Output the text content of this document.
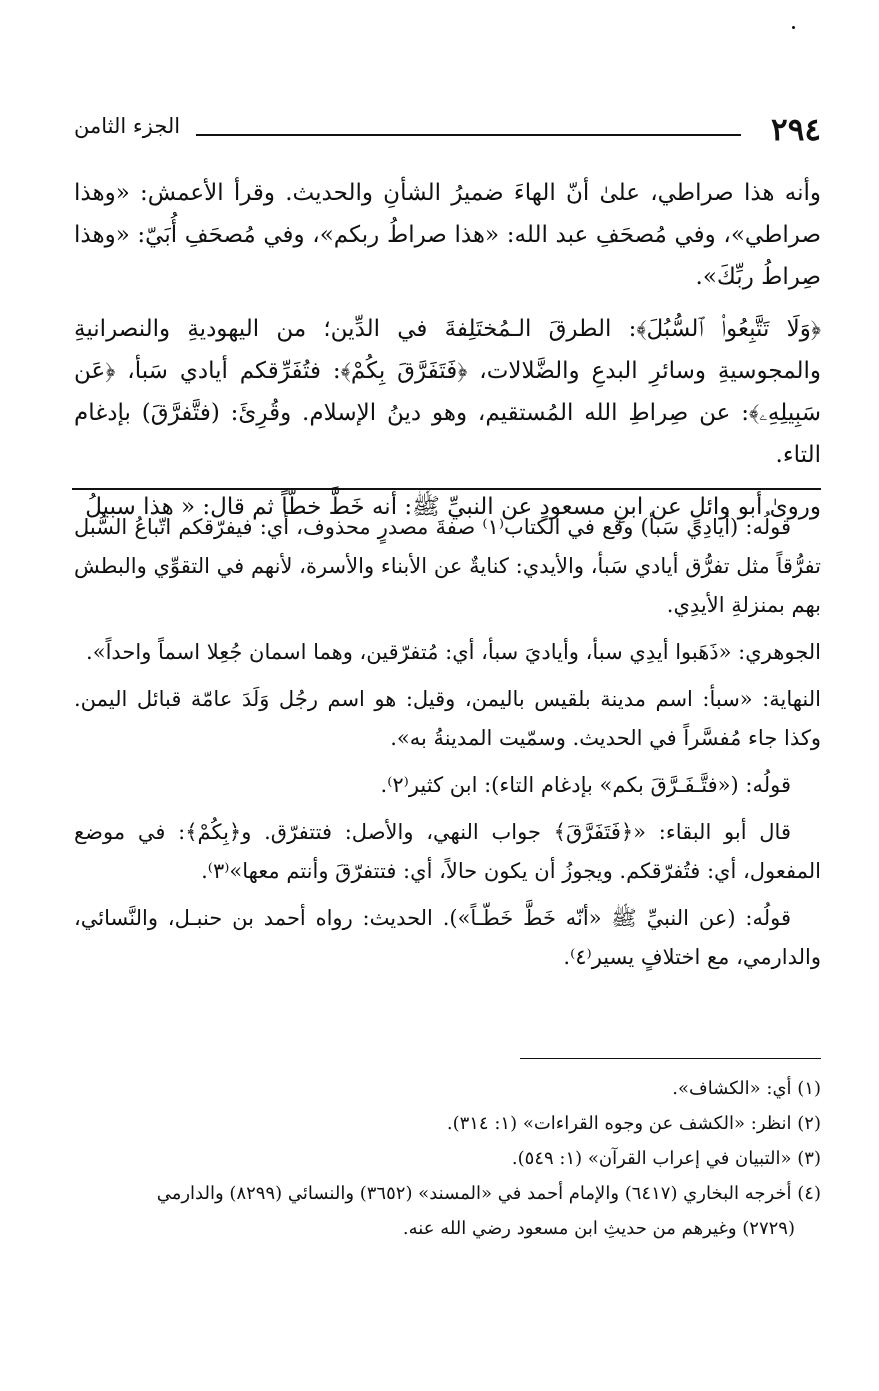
٢٩٤
الجزء الثامن

وأنه هذا صراطي، علىٰ أنّ الهاءَ ضميرُ الشأنِ والحديث. وقرأ الأعمش: «وهذا صراطي»، وفي مُصحَفِ عبد الله: «هذا صراطُ ربكم»، وفي مُصحَفِ أُبَيّ: «وهذا صِراطُ ربِّكَ».

﴿وَلَا تَتَّبِعُوا۟ ٱلسُّبُلَ﴾: الطرقَ الـمُختَلِفةَ في الدِّين؛ من اليهوديةِ والنصرانيةِ والمجوسيةِ وسائرِ البدعِ والضَّلالات، ﴿فَتَفَرَّقَ بِكُمْ﴾: فتُفَرِّقكم أيادي سَبأ، ﴿عَن سَبِيلِهِۦ﴾: عن صِراطِ الله المُستقيم، وهو دينُ الإسلام. وقُرِئَ: (فتَّفرَّقَ) بإدغام التاء.

وروىٰ أبو وائلٍ عن ابنِ مسعودٍ عن النبيِّ ﷺ: أنه خَطَّ خطّاً ثم قال: « هذا سبيلُ

قولُه: (أيادِي سَبأ) وقع في الكتاب⁽١⁾ صفةَ مصدرٍ محذوف، أي: فيفرّقكم اتّباعُ السُّبل تفرُّقاً مثل تفرُّق أيادي سَبأ، والأيدي: كنايةٌ عن الأبناء والأسرة، لأنهم في التقوِّي والبطش بهم بمنزلةِ الأيدِي.

الجوهري: «ذَهَبوا أيدِي سبأ، وأياديَ سبأ، أي: مُتفرّقين، وهما اسمان جُعِلا اسماً واحداً».

النهاية: «سبأ: اسم مدينة بلقيس باليمن، وقيل: هو اسم رجُل وَلَدَ عامّة قبائل اليمن. وكذا جاء مُفسَّراً في الحديث. وسمّيت المدينةُ به».

قولُه: («فتَّـفَـرَّقَ بكم» بإدغام التاء): ابن كثير⁽٢⁾.

قال أبو البقاء: «﴿فَتَفَرَّقَ﴾ جواب النهي، والأصل: فتتفرّق. و﴿بِكُمْ﴾: في موضع المفعول، أي: فتُفرّقكم. ويجوزُ أن يكون حالاً، أي: فتتفرّقَ وأنتم معها»⁽٣⁾.

قولُه: (عن النبيِّ ﷺ «أنّه خَطَّ خَطّـاً»). الحديث: رواه أحمد بن حنبـل، والنَّسائي، والدارمي، مع اختلافٍ يسير⁽٤⁾.

(١) أي: «الكشاف».

(٢) انظر: «الكشف عن وجوه القراءات» (١: ٣١٤).

(٣) «التبيان في إعراب القرآن» (١: ٥٤٩).

(٤) أخرجه البخاري (٦٤١٧) والإمام أحمد في «المسند» (٣٦٥٢) والنسائي (٨٢٩٩) والدارمي

(٢٧٢٩) وغيرهم من حديثِ ابن مسعود رضي الله عنه.
